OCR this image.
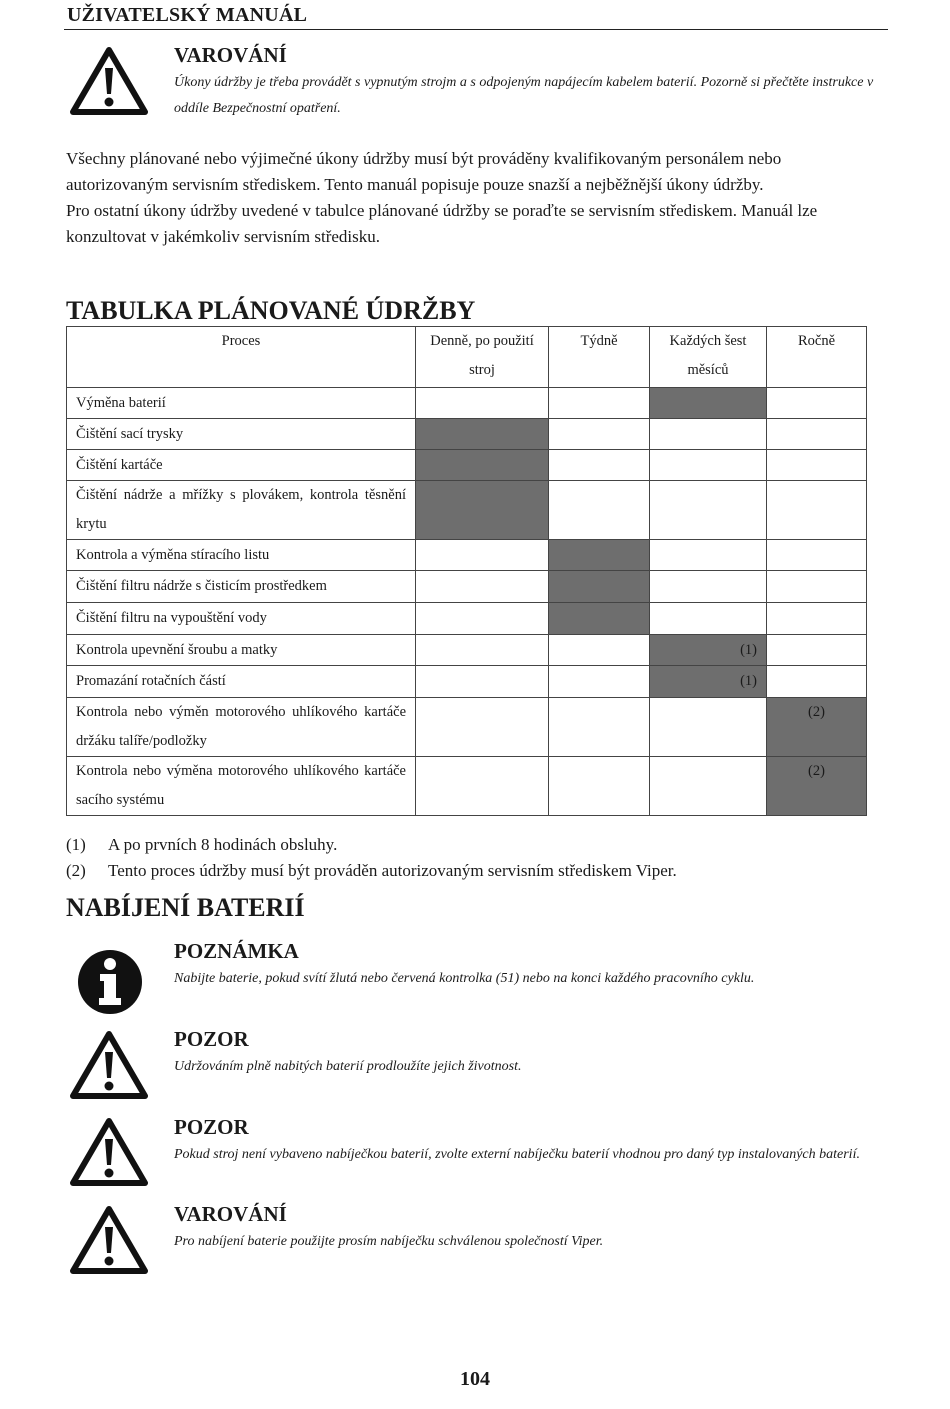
UŽIVATELSKÝ MANUÁL
VAROVÁNÍ
Úkony údržby je třeba provádět s vypnutým strojm a s odpojeným napájecím kabelem baterií. Pozorně si přečtěte instrukce v oddíle Bezpečnostní opatření.

Všechny plánované nebo výjimečné úkony údržby musí být prováděny kvalifikovaným personálem nebo autorizovaným servisním střediskem. Tento manuál popisuje pouze snazší a nejběžnější úkony údržby.

Pro ostatní úkony údržby uvedené v tabulce plánované údržby se poraďte se servisním střediskem. Manuál lze konzultovat v jakémkoliv servisním středisku.

TABULKA PLÁNOVANÉ ÚDRŽBY
Proces	Denně, po použití stroj	Týdně	Každých šest měsíců	Ročně
Výměna baterií				
Čištění sací trysky				
Čištění kartáče				
Čištění nádrže a mřížky s plovákem, kontrola těsnění krytu				
Kontrola a výměna stíracího listu				
Čištění filtru nádrže s čisticím prostředkem				
Čištění filtru na vypouštění vody				
Kontrola upevnění šroubu a matky			(1)	
Promazání rotačních částí			(1)	
Kontrola nebo výměn motorového uhlíkového kartáče držáku talíře/podložky				(2)
Kontrola nebo výměna motorového uhlíkového kartáče sacího systému				(2)
(1)	A po prvních 8 hodinách obsluhy.
(2)	Tento proces údržby musí být prováděn autorizovaným servisním střediskem Viper.
NABÍJENÍ BATERIÍ
POZNÁMKA
Nabijte baterie, pokud svítí žlutá nebo červená kontrolka (51) nebo na konci každého pracovního cyklu.
POZOR
Udržováním plně nabitých baterií prodloužíte jejich životnost.
POZOR
Pokud stroj není vybaveno nabíječkou baterií, zvolte externí nabíječku baterií vhodnou pro daný typ instalovaných baterií.
VAROVÁNÍ
Pro nabíjení baterie použijte prosím nabíječku schválenou společností Viper.
104
